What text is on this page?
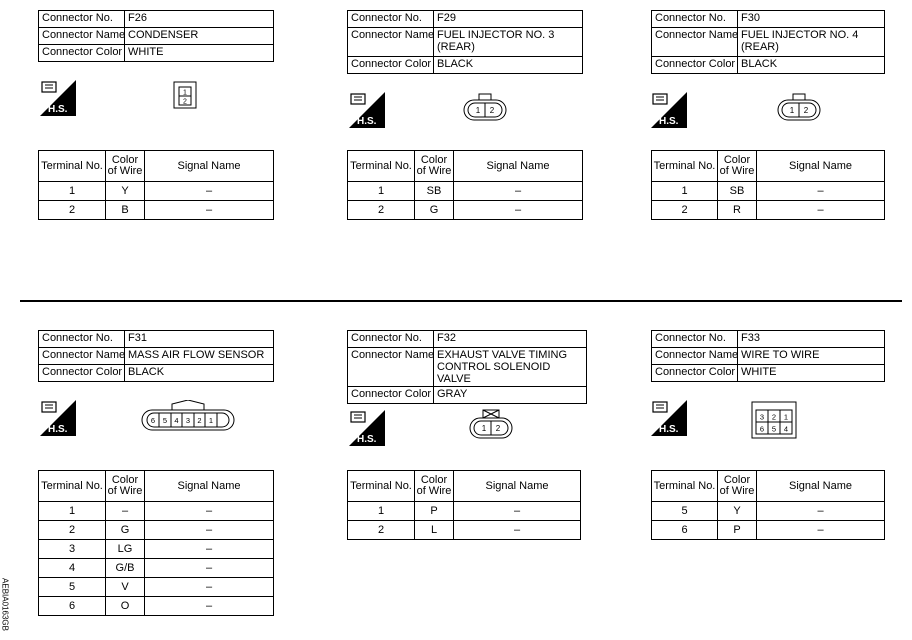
Connector No.	F26
Connector Name	CONDENSER
Connector Color	WHITE
H.S.
1
2
Terminal No.	Color of Wire	Signal Name
1	Y	–
2	B	–
Connector No.	F29
Connector Name	FUEL INJECTOR NO. 3 (REAR)
Connector Color	BLACK
H.S.
1 2
Terminal No.	Color of Wire	Signal Name
1	SB	–
2	G	–
Connector No.	F30
Connector Name	FUEL INJECTOR NO. 4 (REAR)
Connector Color	BLACK
H.S.
1 2
Terminal No.	Color of Wire	Signal Name
1	SB	–
2	R	–
Connector No.	F31
Connector Name	MASS AIR FLOW SENSOR
Connector Color	BLACK
H.S.
6 5 4 3 2 1
Terminal No.	Color of Wire	Signal Name
1	–	–
2	G	–
3	LG	–
4	G/B	–
5	V	–
6	O	–
Connector No.	F32
Connector Name	EXHAUST VALVE TIMING CONTROL SOLENOID VALVE
Connector Color	GRAY
H.S.
1 2
Terminal No.	Color of Wire	Signal Name
1	P	–
2	L	–
Connector No.	F33
Connector Name	WIRE TO WIRE
Connector Color	WHITE
H.S.
3 2 1
6 5 4
Terminal No.	Color of Wire	Signal Name
5	Y	–
6	P	–
AEBIA0163GB
